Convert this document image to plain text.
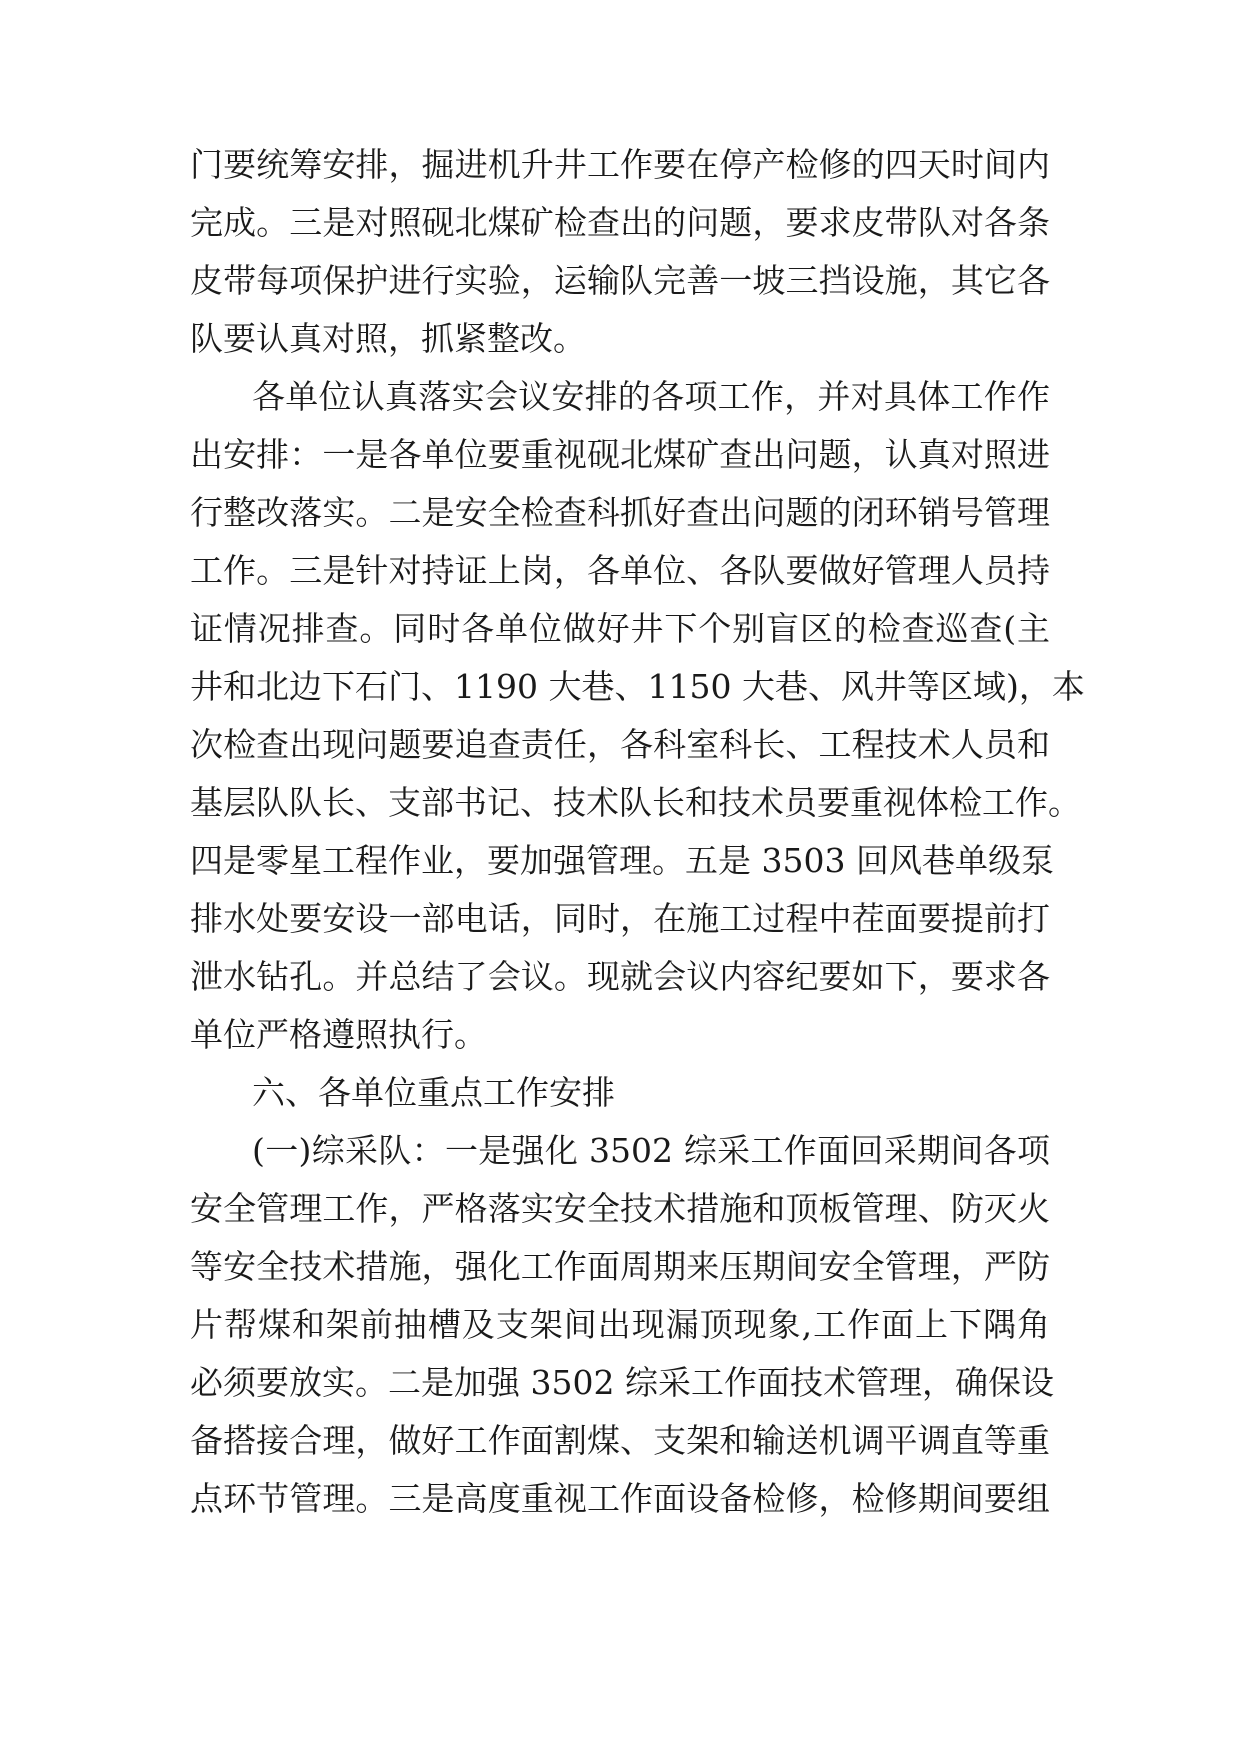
门要统筹安排，掘进机升井工作要在停产检修的四天时间内
完成。三是对照砚北煤矿检查出的问题，要求皮带队对各条
皮带每项保护进行实验，运输队完善一坡三挡设施，其它各
队要认真对照，抓紧整改。
各单位认真落实会议安排的各项工作，并对具体工作作
出安排：一是各单位要重视砚北煤矿查出问题，认真对照进
行整改落实。二是安全检查科抓好查出问题的闭环销号管理
工作。三是针对持证上岗，各单位、各队要做好管理人员持
证情况排查。同时各单位做好井下个别盲区的检查巡查(主
井和北边下石门、1190 大巷、1150 大巷、风井等区域)，本
次检查出现问题要追查责任，各科室科长、工程技术人员和
基层队队长、支部书记、技术队长和技术员要重视体检工作。
四是零星工程作业，要加强管理。五是 3503 回风巷单级泵
排水处要安设一部电话，同时，在施工过程中茬面要提前打
泄水钻孔。并总结了会议。现就会议内容纪要如下，要求各
单位严格遵照执行。
六、各单位重点工作安排
(一)综采队：一是强化 3502 综采工作面回采期间各项
安全管理工作，严格落实安全技术措施和顶板管理、防灭火
等安全技术措施，强化工作面周期来压期间安全管理，严防
片帮煤和架前抽槽及支架间出现漏顶现象,工作面上下隅角
必须要放实。二是加强 3502 综采工作面技术管理，确保设
备搭接合理，做好工作面割煤、支架和输送机调平调直等重
点环节管理。三是高度重视工作面设备检修，检修期间要组
